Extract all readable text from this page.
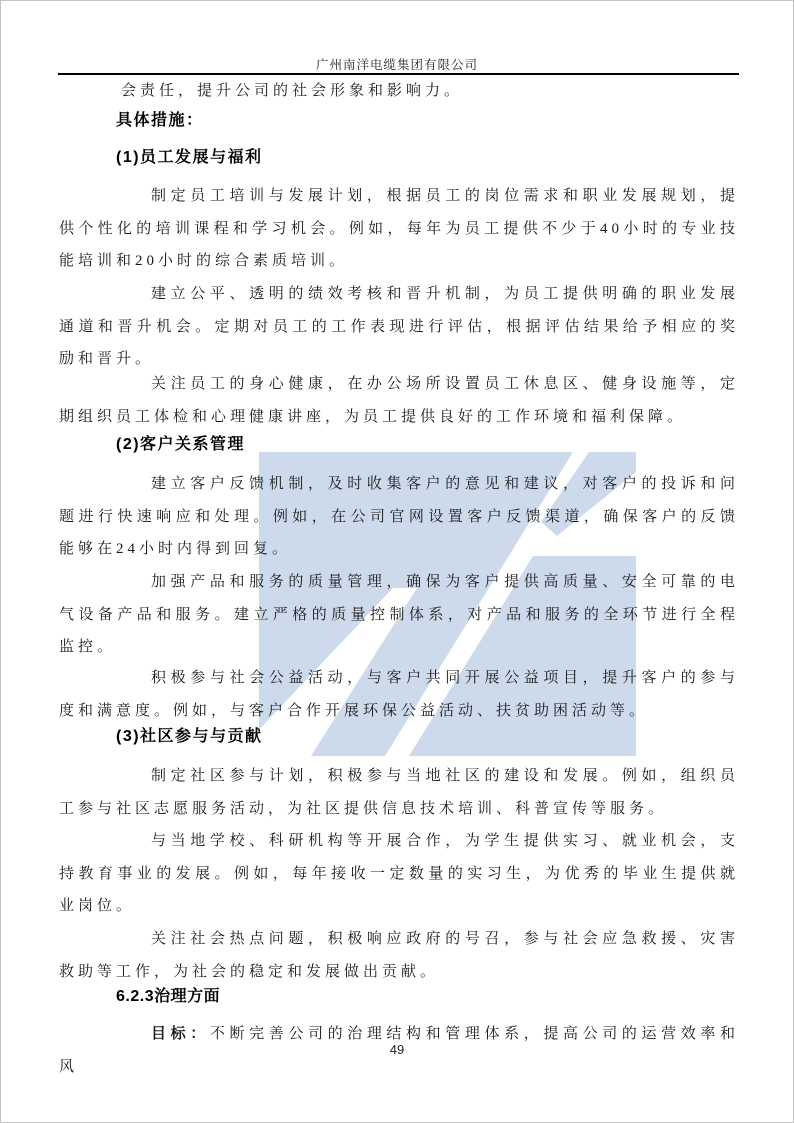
广州南洋电缆集团有限公司
会责任，提升公司的社会形象和影响力。
具体措施：
(1)员工发展与福利
制定员工培训与发展计划，根据员工的岗位需求和职业发展规划，提供个性化的培训课程和学习机会。例如，每年为员工提供不少于40小时的专业技能培训和20小时的综合素质培训。
建立公平、透明的绩效考核和晋升机制，为员工提供明确的职业发展通道和晋升机会。定期对员工的工作表现进行评估，根据评估结果给予相应的奖励和晋升。
关注员工的身心健康，在办公场所设置员工休息区、健身设施等，定期组织员工体检和心理健康讲座，为员工提供良好的工作环境和福利保障。
(2)客户关系管理
建立客户反馈机制，及时收集客户的意见和建议，对客户的投诉和问题进行快速响应和处理。例如，在公司官网设置客户反馈渠道，确保客户的反馈能够在24小时内得到回复。
加强产品和服务的质量管理，确保为客户提供高质量、安全可靠的电气设备产品和服务。建立严格的质量控制体系，对产品和服务的全环节进行全程监控。
积极参与社会公益活动，与客户共同开展公益项目，提升客户的参与度和满意度。例如，与客户合作开展环保公益活动、扶贫助困活动等。
(3)社区参与与贡献
制定社区参与计划，积极参与当地社区的建设和发展。例如，组织员工参与社区志愿服务活动，为社区提供信息技术培训、科普宣传等服务。
与当地学校、科研机构等开展合作，为学生提供实习、就业机会，支持教育事业的发展。例如，每年接收一定数量的实习生，为优秀的毕业生提供就业岗位。
关注社会热点问题，积极响应政府的号召，参与社会应急救援、灾害救助等工作，为社会的稳定和发展做出贡献。
6.2.3治理方面
目标：不断完善公司的治理结构和管理体系，提高公司的运营效率和风
49
